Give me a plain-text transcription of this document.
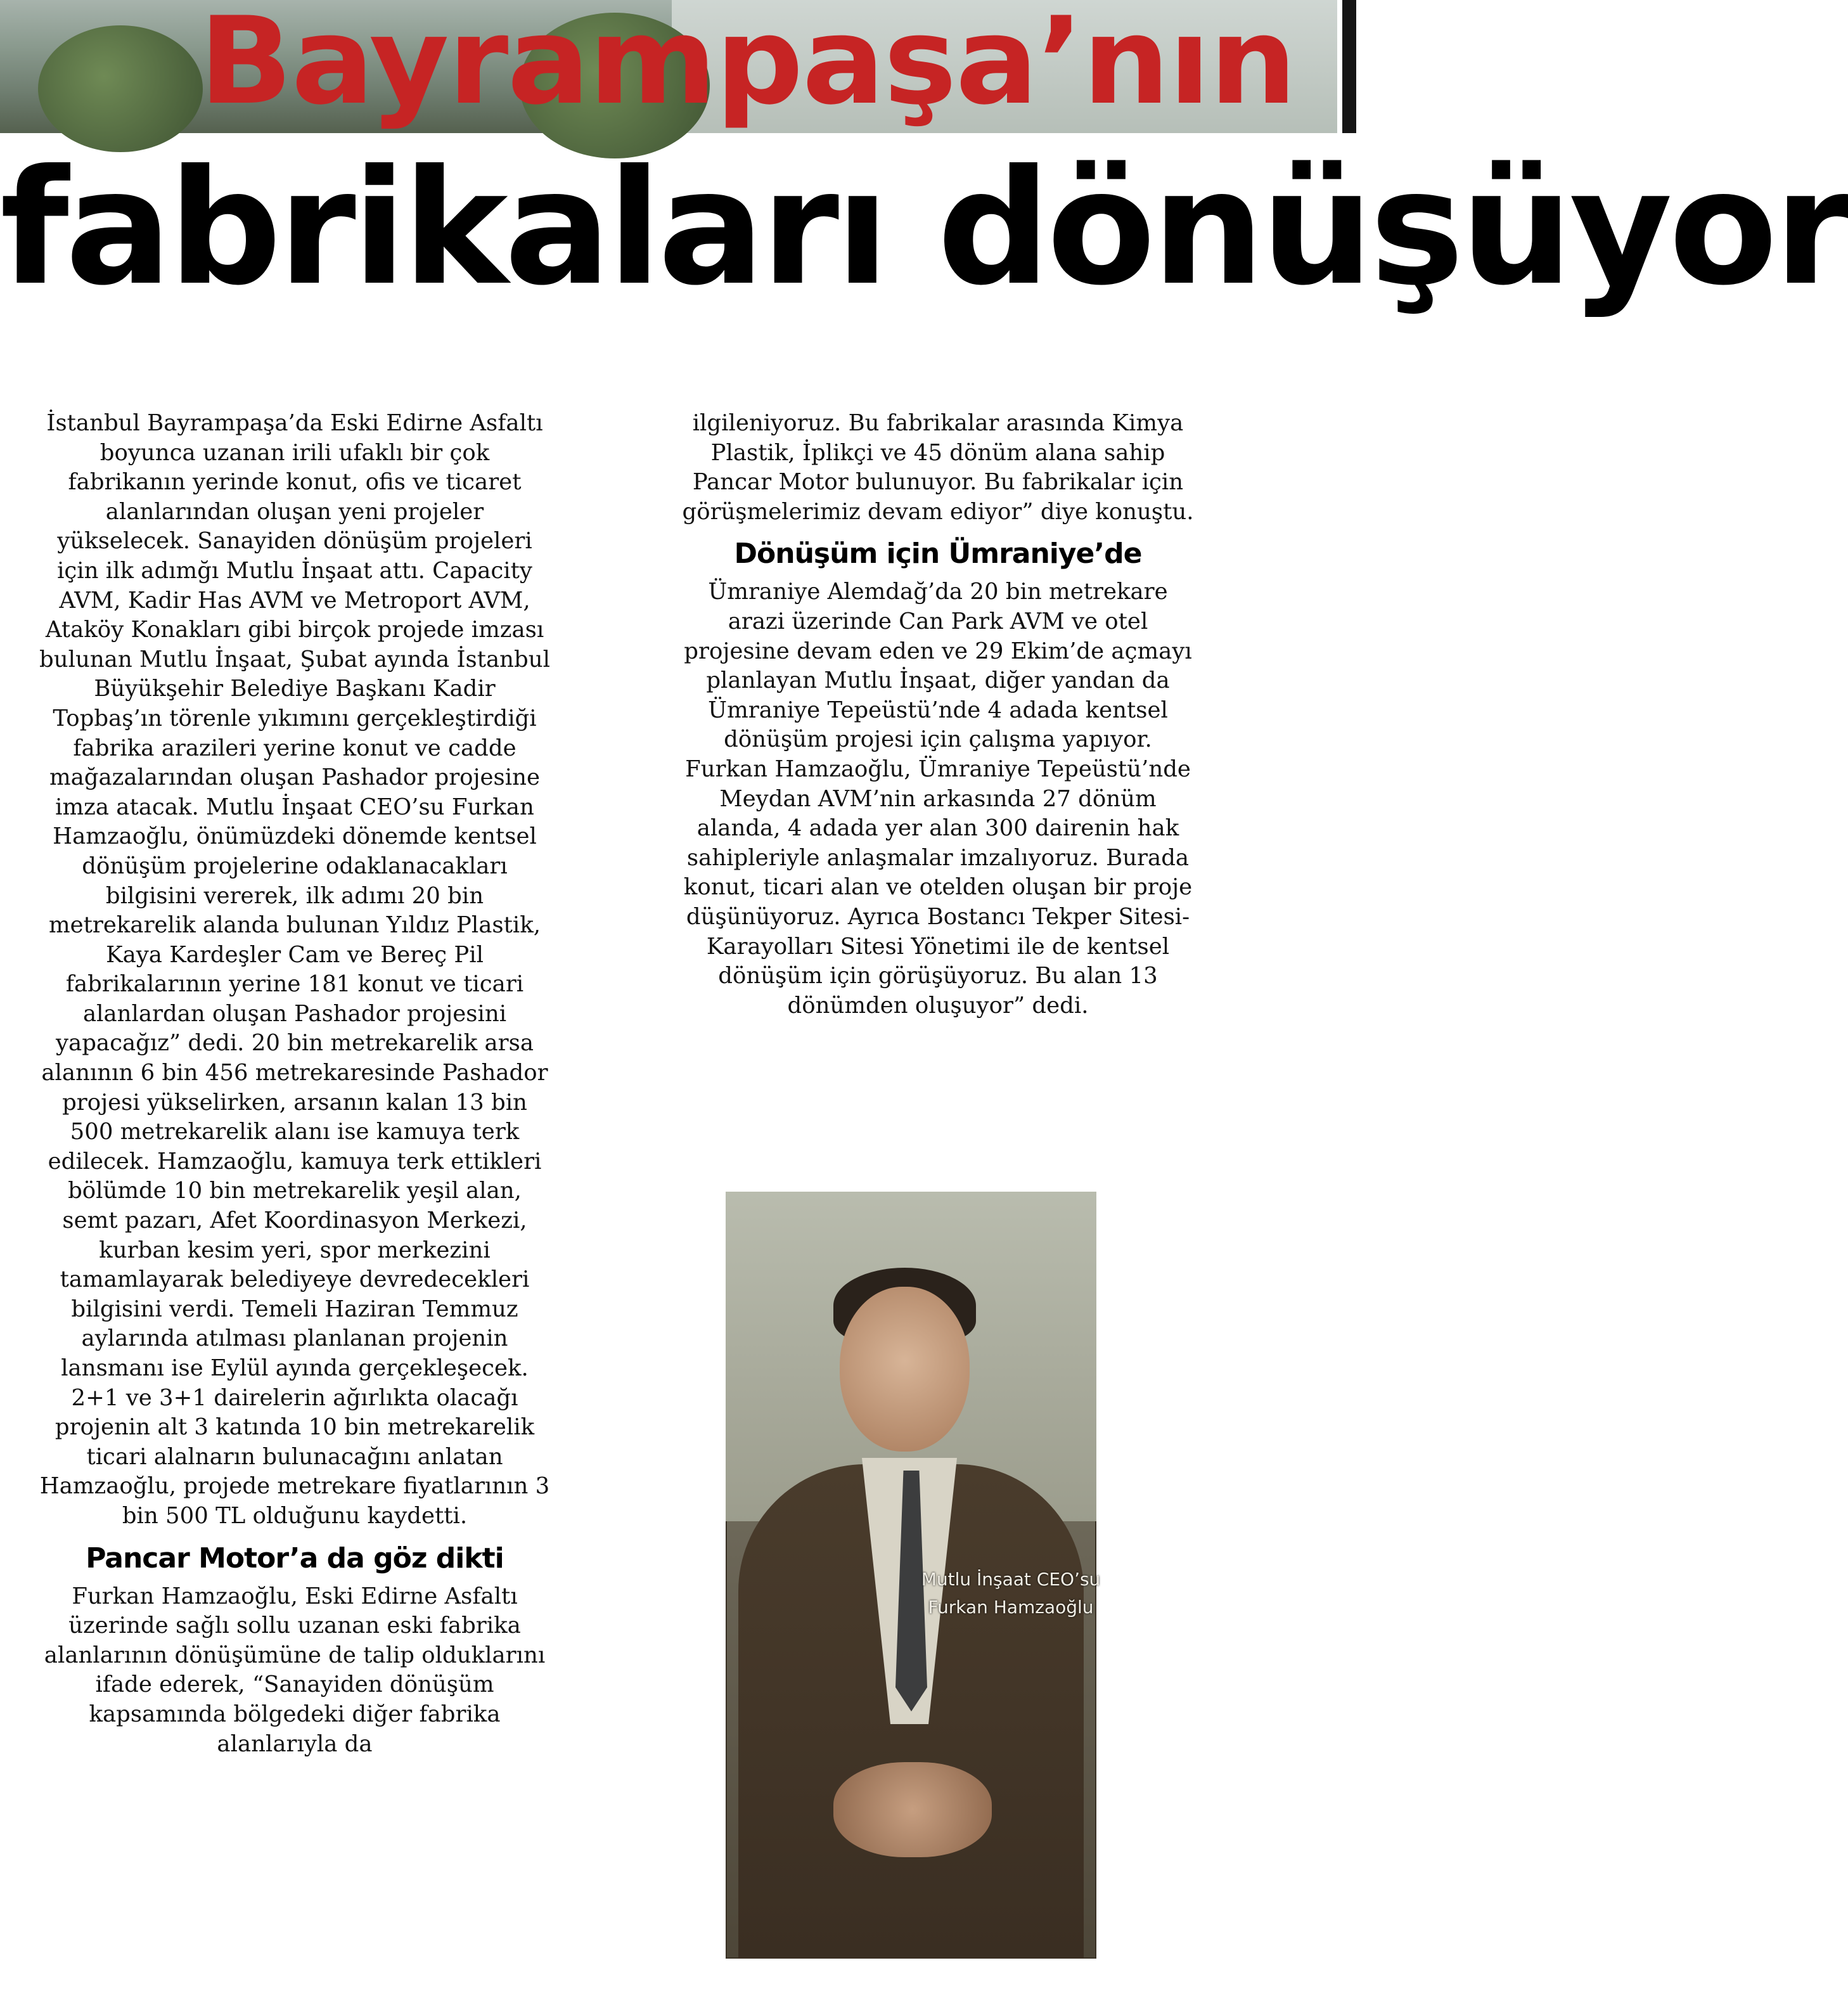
Bayrampaşa’nın
fabrikaları dönüşüyor

İstanbul Bayrampaşa’da Eski Edirne Asfaltı boyunca uzanan irili ufaklı bir çok fabrikanın yerinde konut, ofis ve ticaret alanlarından oluşan yeni projeler yükselecek. Sanayiden dönüşüm projeleri için ilk adımğı Mutlu İnşaat attı. Capacity AVM, Kadir Has AVM ve Metroport AVM, Ataköy Konakları gibi birçok projede imzası bulunan Mutlu İnşaat, Şubat ayında İstanbul Büyükşehir Belediye Başkanı Kadir Topbaş’ın törenle yıkımını gerçekleştirdiği fabrika arazileri yerine konut ve cadde mağazalarından oluşan Pashador projesine imza atacak. Mutlu İnşaat CEO’su Furkan Hamzaoğlu, önümüzdeki dönemde kentsel dönüşüm projelerine odaklanacakları bilgisini vererek, ilk adımı 20 bin metrekarelik alanda bulunan Yıldız Plastik, Kaya Kardeşler Cam ve Bereç Pil fabrikalarının yerine 181 konut ve ticari alanlardan oluşan Pashador projesini yapacağız” dedi. 20 bin metrekarelik arsa alanının 6 bin 456 metrekaresinde Pashador projesi yükselirken, arsanın kalan 13 bin 500 metrekarelik alanı ise kamuya terk edilecek. Hamzaoğlu, kamuya terk ettikleri bölümde 10 bin metrekarelik yeşil alan, semt pazarı, Afet Koordinasyon Merkezi, kurban kesim yeri, spor merkezini tamamlayarak belediyeye devredecekleri bilgisini verdi. Temeli Haziran Temmuz aylarında atılması planlanan projenin lansmanı ise Eylül ayında gerçekleşecek. 2+1 ve 3+1 dairelerin ağırlıkta olacağı projenin alt 3 katında 10 bin metrekarelik ticari alalnarın bulunacağını anlatan Hamzaoğlu, projede metrekare fiyatlarının 3 bin 500 TL olduğunu kaydetti.

Pancar Motor’a da göz dikti

Furkan Hamzaoğlu, Eski Edirne Asfaltı üzerinde sağlı sollu uzanan eski fabrika alanlarının dönüşümüne de talip olduklarını ifade ederek, “Sanayiden dönüşüm kapsamında bölgedeki diğer fabrika alanlarıyla da

ilgileniyoruz. Bu fabrikalar arasında Kimya Plastik, İplikçi ve 45 dönüm alana sahip Pancar Motor bulunuyor. Bu fabrikalar için görüşmelerimiz devam ediyor” diye konuştu.

Dönüşüm için Ümraniye’de

Ümraniye Alemdağ’da 20 bin metrekare arazi üzerinde Can Park AVM ve otel projesine devam eden ve 29 Ekim’de açmayı planlayan Mutlu İnşaat, diğer yandan da Ümraniye Tepeüstü’nde 4 adada kentsel dönüşüm projesi için çalışma yapıyor. Furkan Hamzaoğlu, Ümraniye Tepeüstü’nde Meydan AVM’nin arkasında 27 dönüm alanda, 4 adada yer alan 300 dairenin hak sahipleriyle anlaşmalar imzalıyoruz. Burada konut, ticari alan ve otelden oluşan bir proje düşünüyoruz. Ayrıca Bostancı Tekper Sitesi-Karayolları Sitesi Yönetimi ile de kentsel dönüşüm için görüşüyoruz. Bu alan 13 dönümden oluşuyor” dedi.

Mutlu İnşaat CEO’su Furkan Hamzaoğlu
